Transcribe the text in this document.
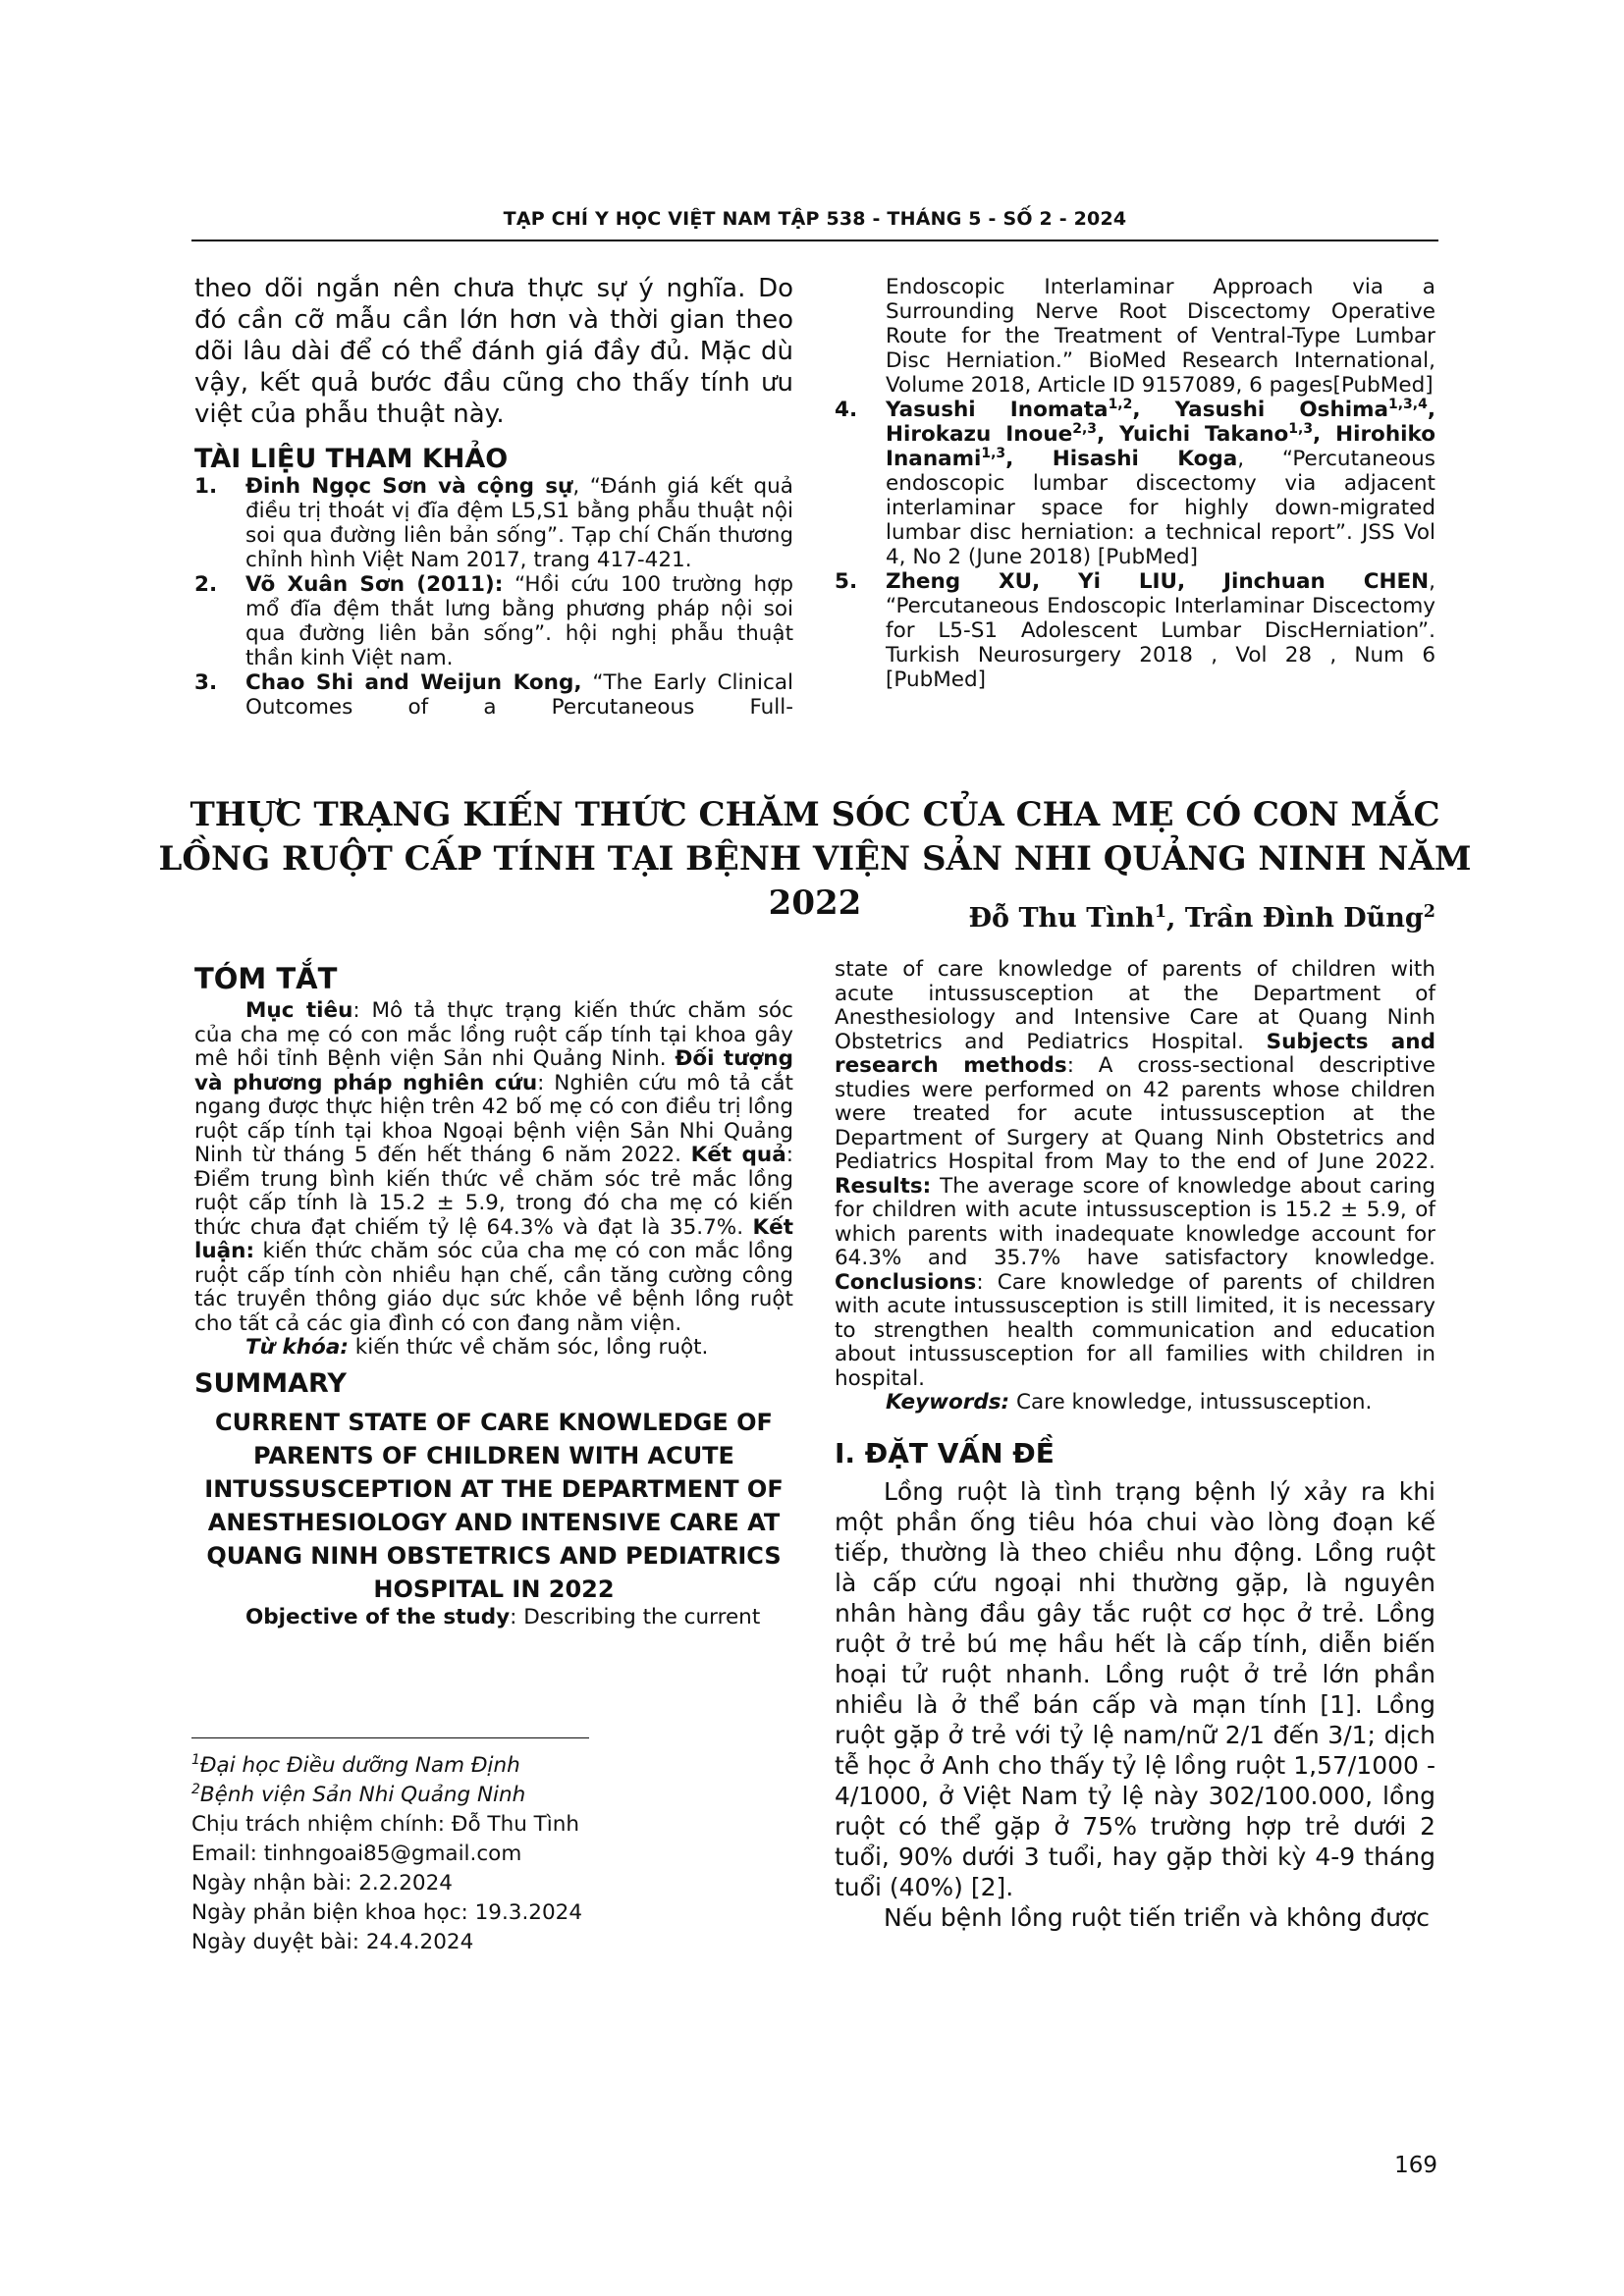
TẠP CHÍ Y HỌC VIỆT NAM TẬP 538 - THÁNG 5 - SỐ 2 - 2024

theo dõi ngắn nên chưa thực sự ý nghĩa. Do đó cần cỡ mẫu cần lớn hơn và thời gian theo dõi lâu dài để có thể đánh giá đầy đủ. Mặc dù vậy, kết quả bước đầu cũng cho thấy tính ưu việt của phẫu thuật này.

TÀI LIỆU THAM KHẢO

1. Đinh Ngọc Sơn và cộng sự, “Đánh giá kết quả điều trị thoát vị đĩa đệm L5,S1 bằng phẫu thuật nội soi qua đường liên bản sống”. Tạp chí Chấn thương chỉnh hình Việt Nam 2017, trang 417-421.

2. Võ Xuân Sơn (2011): “Hồi cứu 100 trường hợp mổ đĩa đệm thắt lưng bằng phương pháp nội soi qua đường liên bản sống”. hội nghị phẫu thuật thần kinh Việt nam.

3. Chao Shi and Weijun Kong, “The Early Clinical Outcomes of a Percutaneous Full-

Endoscopic Interlaminar Approach via a Surrounding Nerve Root Discectomy Operative Route for the Treatment of Ventral-Type Lumbar Disc Herniation.” BioMed Research International, Volume 2018, Article ID 9157089, 6 pages[PubMed]

4. Yasushi Inomata$^{1,2}$, Yasushi Oshima$^{1,3,4}$, Hirokazu Inoue$^{2,3}$, Yuichi Takano$^{1,3}$, Hirohiko Inanami$^{1,3}$, Hisashi Koga, “Percutaneous endoscopic lumbar discectomy via adjacent interlaminar space for highly down-migrated lumbar disc herniation: a technical report”. JSS Vol 4, No 2 (June 2018) [PubMed]

5. Zheng XU, Yi LIU, Jinchuan CHEN, “Percutaneous Endoscopic Interlaminar Discectomy for L5-S1 Adolescent Lumbar DiscHerniation”. Turkish Neurosurgery 2018 , Vol 28 , Num 6 [PubMed]

THỰC TRẠNG KIẾN THỨC CHĂM SÓC CỦA CHA MẸ CÓ CON MẮC LỒNG RUỘT CẤP TÍNH TẠI BỆNH VIỆN SẢN NHI QUẢNG NINH NĂM 2022	Đỗ Thu Tình$^1$, Trần Đình Dũng$^2$
TÓM TẮT

Mục tiêu: Mô tả thực trạng kiến thức chăm sóc của cha mẹ có con mắc lồng ruột cấp tính tại khoa gây mê hồi tỉnh Bệnh viện Sản nhi Quảng Ninh. Đối tượng và phương pháp nghiên cứu: Nghiên cứu mô tả cắt ngang được thực hiện trên 42 bố mẹ có con điều trị lồng ruột cấp tính tại khoa Ngoại bệnh viện Sản Nhi Quảng Ninh từ tháng 5 đến hết tháng 6 năm 2022. Kết quả: Điểm trung bình kiến thức về chăm sóc trẻ mắc lồng ruột cấp tính là 15.2 ± 5.9, trong đó cha mẹ có kiến thức chưa đạt chiếm tỷ lệ 64.3% và đạt là 35.7%. Kết luận: kiến thức chăm sóc của cha mẹ có con mắc lồng ruột cấp tính còn nhiều hạn chế, cần tăng cường công tác truyền thông giáo dục sức khỏe về bệnh lồng ruột cho tất cả các gia đình có con đang nằm viện.

Từ khóa: kiến thức về chăm sóc, lồng ruột.

SUMMARY
CURRENT STATE OF CARE KNOWLEDGE OF PARENTS OF CHILDREN WITH ACUTE INTUSSUSCEPTION AT THE DEPARTMENT OF ANESTHESIOLOGY AND INTENSIVE CARE AT QUANG NINH OBSTETRICS AND PEDIATRICS HOSPITAL IN 2022

Objective of the study: Describing the current

$^1$Đại học Điều dưỡng Nam Định
$^2$Bệnh viện Sản Nhi Quảng Ninh
Chịu trách nhiệm chính: Đỗ Thu Tình
Email: tinhngoai85@gmail.com
Ngày nhận bài: 2.2.2024
Ngày phản biện khoa học: 19.3.2024
Ngày duyệt bài: 24.4.2024

state of care knowledge of parents of children with acute intussusception at the Department of Anesthesiology and Intensive Care at Quang Ninh Obstetrics and Pediatrics Hospital. Subjects and research methods: A cross-sectional descriptive studies were performed on 42 parents whose children were treated for acute intussusception at the Department of Surgery at Quang Ninh Obstetrics and Pediatrics Hospital from May to the end of June 2022. Results: The average score of knowledge about caring for children with acute intussusception is 15.2 ± 5.9, of which parents with inadequate knowledge account for 64.3% and 35.7% have satisfactory knowledge. Conclusions: Care knowledge of parents of children with acute intussusception is still limited, it is necessary to strengthen health communication and education about intussusception for all families with children in hospital.

Keywords: Care knowledge, intussusception.

I. ĐẶT VẤN ĐỀ

Lồng ruột là tình trạng bệnh lý xảy ra khi một phần ống tiêu hóa chui vào lòng đoạn kế tiếp, thường là theo chiều nhu động. Lồng ruột là cấp cứu ngoại nhi thường gặp, là nguyên nhân hàng đầu gây tắc ruột cơ học ở trẻ. Lồng ruột ở trẻ bú mẹ hầu hết là cấp tính, diễn biến hoại tử ruột nhanh. Lồng ruột ở trẻ lớn phần nhiều là ở thể bán cấp và mạn tính [1]. Lồng ruột gặp ở trẻ với tỷ lệ nam/nữ 2/1 đến 3/1; dịch tễ học ở Anh cho thấy tỷ lệ lồng ruột 1,57/1000 - 4/1000, ở Việt Nam tỷ lệ này 302/100.000, lồng ruột có thể gặp ở 75% trường hợp trẻ dưới 2 tuổi, 90% dưới 3 tuổi, hay gặp thời kỳ 4-9 tháng tuổi (40%) [2].

Nếu bệnh lồng ruột tiến triển và không được

169
